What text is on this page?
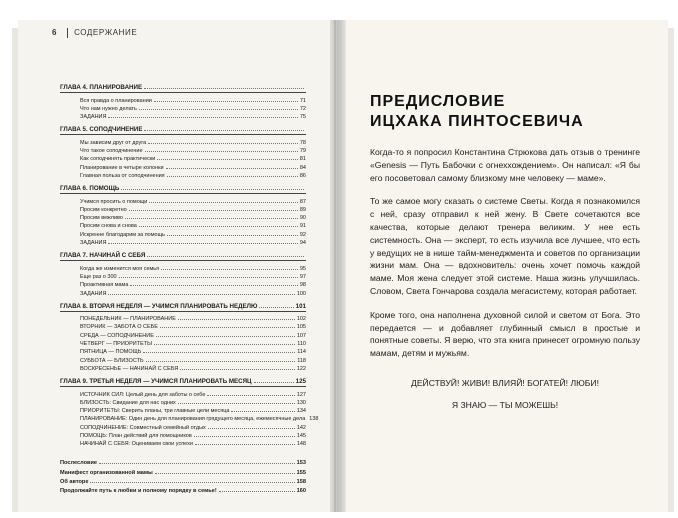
6 СОДЕРЖАНИЕ
ГЛАВА 4. ПЛАНИРОВАНИЕ
Вся правда о планировании	71
Что нам нужно делать	72
ЗАДАНИЯ	75
ГЛАВА 5. СОПОДЧИНЕНИЕ
Мы зависим друг от друга	78
Что такое соподчинение	79
Как соподчинять практически	81
Планирование в четыре колонки	84
Главная польза от соподчинения	86
ГЛАВА 6. ПОМОЩЬ
Учимся просить о помощи	87
Просим конкретно	89
Просим вежливо	90
Просим снова и снова	91
Искренне благодарим за помощь	92
ЗАДАНИЯ	94
ГЛАВА 7. НАЧИНАЙ С СЕБЯ
Когда же изменится моя семья	95
Еще раз о 300	97
Проактивная мама	98
ЗАДАНИЯ	100
ГЛАВА 8. ВТОРАЯ НЕДЕЛЯ — УЧИМСЯ ПЛАНИРОВАТЬ НЕДЕЛЮ	101
ПОНЕДЕЛЬНИК — ПЛАНИРОВАНИЕ	102
ВТОРНИК — ЗАБОТА О СЕБЕ	105
СРЕДА — СОПОДЧИНЕНИЕ	107
ЧЕТВЕРГ — ПРИОРИТЕТЫ	110
ПЯТНИЦА — ПОМОЩЬ	114
СУББОТА — БЛИЗОСТЬ	118
ВОСКРЕСЕНЬЕ — НАЧИНАЙ С СЕБЯ	122
ГЛАВА 9. ТРЕТЬЯ НЕДЕЛЯ — УЧИМСЯ ПЛАНИРОВАТЬ МЕСЯЦ	125
ИСТОЧНИК СИЛ: Целый день для заботы о себе	127
БЛИЗОСТЬ: Свидание для нас одних	130
ПРИОРИТЕТЫ: Сверить планы, три главные цели месяца	134
ПЛАНИРОВАНИЕ: Один день для планирования грядущего месяца, ежемесячные дела 138
СОПОДЧИНЕНИЕ: Совместный семейный отдых	142
ПОМОЩЬ: План действий для помощников	145
НАЧИНАЙ С СЕБЯ: Оцениваем свои успехи	148
Послесловие	153
Манифест организованной мамы	155
Об авторе	158
Продолжайте путь к любви и полному порядку в семье!	160
ПРЕДИСЛОВИЕ
ИЦХАКА ПИНТОСЕВИЧА

Когда-то я попросил Константина Стрюкова дать отзыв о тренинге «Genesis — Путь Бабочки с огнеххождением». Он написал: «Я бы его посоветовал самому близкому мне человеку — маме».

То же самое могу сказать о системе Светы. Когда я познакомился с ней, сразу отправил к ней жену. В Свете сочетаются все качества, которые делают тренера великим. У нее есть системность. Она — эксперт, то есть изучила все лучшее, что есть у ведущих не в нише тайм-менеджмента и советов по организации жизни мам. Она — вдохновитель: очень хочет помочь каждой маме. Моя жена следует этой системе. Наша жизнь улучшилась. Словом, Света Гончарова создала мегасистему, которая работает.

Кроме того, она наполнена духовной силой и светом от Бога. Это передается — и добавляет глубинный смысл в простые и понятные советы. Я верю, что эта книга принесет огромную пользу мамам, детям и мужьям.

ДЕЙСТВУЙ! ЖИВИ! ВЛИЯЙ! БОГАТЕЙ! ЛЮБИ!
Я ЗНАЮ — ТЫ МОЖЕШЬ!
